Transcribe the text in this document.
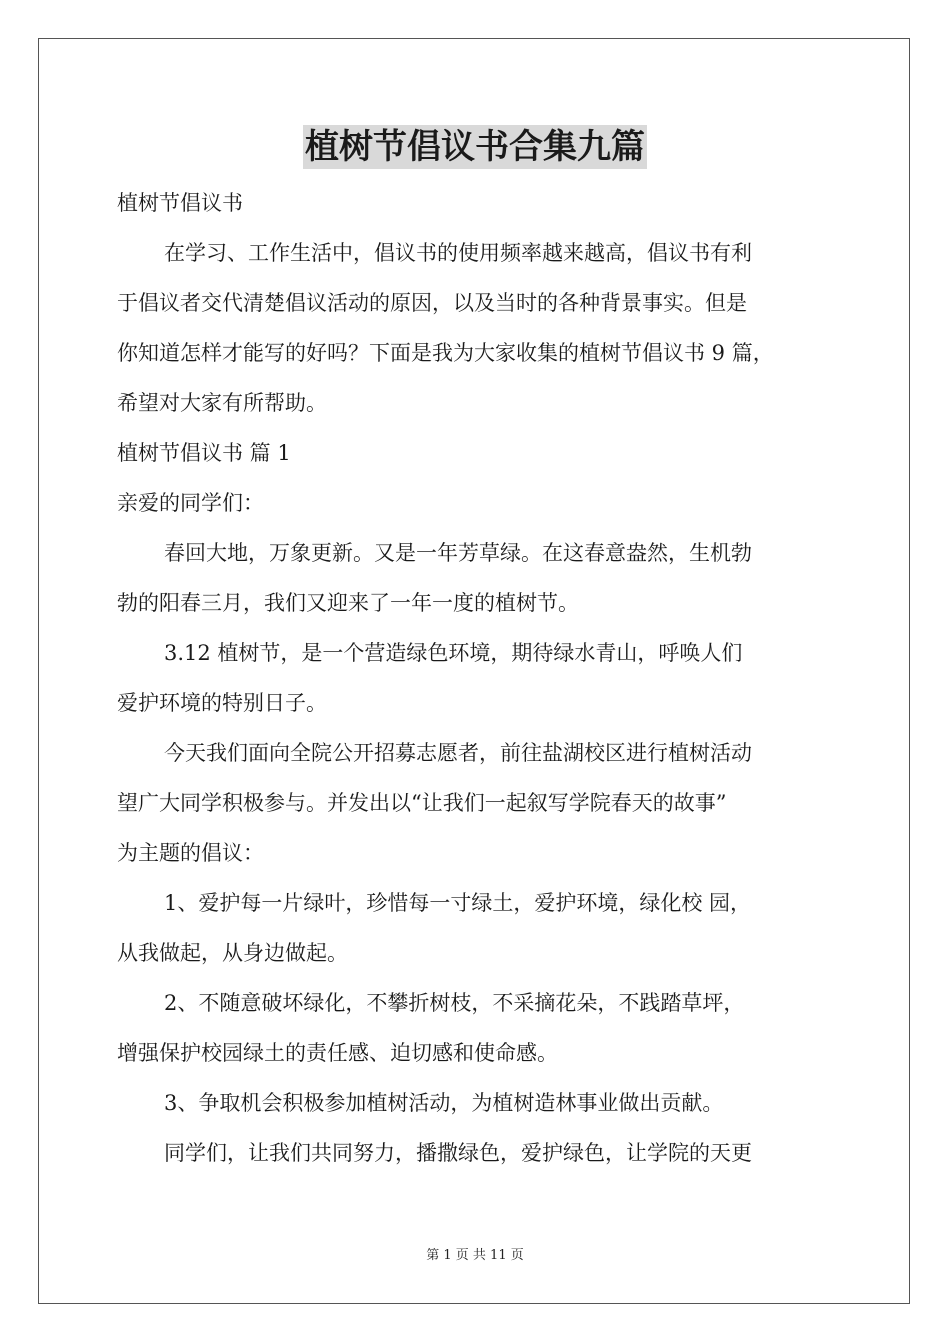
植树节倡议书合集九篇
植树节倡议书
在学习、工作生活中，倡议书的使用频率越来越高，倡议书有利
于倡议者交代清楚倡议活动的原因，以及当时的各种背景事实。但是
你知道怎样才能写的好吗？下面是我为大家收集的植树节倡议书 9 篇，
希望对大家有所帮助。
植树节倡议书 篇 1
亲爱的同学们：
春回大地，万象更新。又是一年芳草绿。在这春意盎然，生机勃
勃的阳春三月，我们又迎来了一年一度的植树节。
3.12 植树节，是一个营造绿色环境，期待绿水青山，呼唤人们
爱护环境的特别日子。
今天我们面向全院公开招募志愿者，前往盐湖校区进行植树活动
望广大同学积极参与。并发出以“让我们一起叙写学院春天的故事”
为主题的倡议：
1、爱护每一片绿叶，珍惜每一寸绿土，爱护环境，绿化校 园，
从我做起，从身边做起。
2、不随意破坏绿化，不攀折树枝，不采摘花朵，不践踏草坪，
增强保护校园绿土的责任感、迫切感和使命感。
3、争取机会积极参加植树活动，为植树造林事业做出贡献。
同学们，让我们共同努力，播撒绿色，爱护绿色，让学院的天更
第 1 页 共 11 页
